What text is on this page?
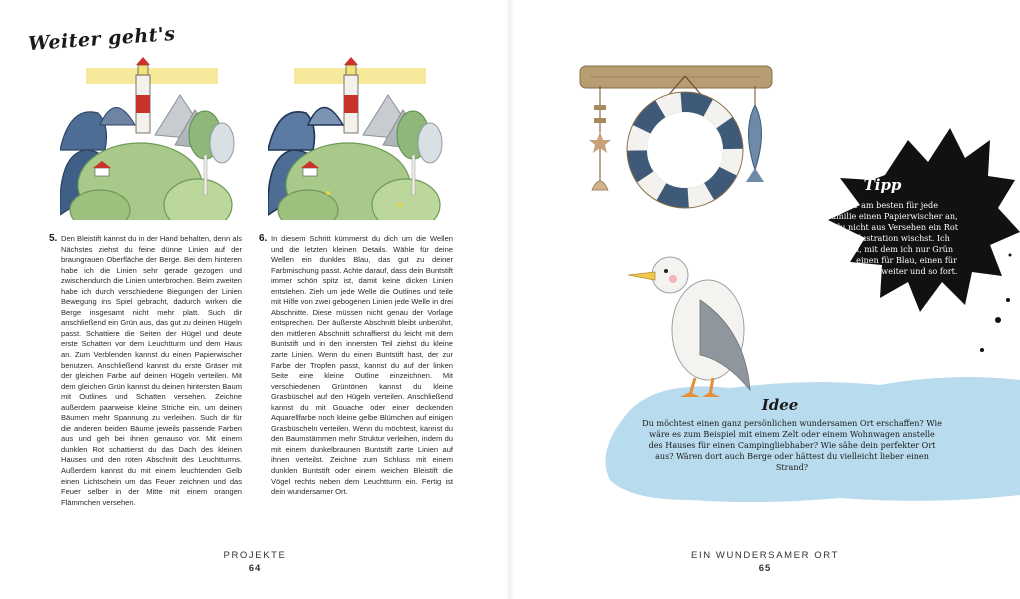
Weiter geht's
5. Den Bleistift kannst du in der Hand behalten, denn als Nächstes ziehst du feine dünne Linien auf der braungrauen Oberfläche der Berge. Bei dem hinteren habe ich die Linien sehr gerade gezogen und zwischendurch die Linien unterbrochen. Beim zweiten habe ich durch verschiedene Biegungen der Linien Bewegung ins Spiel gebracht, dadurch wirken die Berge insgesamt nicht mehr platt. Such dir anschließend ein Grün aus, das gut zu deinen Hügeln passt. Schattiere die Seiten der Hügel und deute erste Schatten vor dem Leuchtturm und dem Haus an. Zum Verblenden kannst du einen Papierwischer benutzen. Anschließend kannst du erste Gräser mit der gleichen Farbe auf deinen Hügeln verteilen. Mit dem gleichen Grün kannst du deinen hintersten Baum mit Outlines und Schatten versehen. Zeichne außerdem paarweise kleine Striche ein, um deinen Bäumen mehr Spannung zu verleihen. Such dir für die anderen beiden Bäume jeweils passende Farben aus und geh bei ihnen genauso vor. Mit einem dunklen Rot schattierst du das Dach des kleinen Hauses und den roten Abschnitt des Leuchtturms. Außerdem kannst du mit einem leuchtenden Gelb einen Lichtschein um das Feuer zeichnen und das Feuer selber in der Mitte mit einem orangen Flämmchen versehen.

6. In diesem Schritt kümmerst du dich um die Wellen und die letzten kleinen Details. Wähle für deine Wellen ein dunkles Blau, das gut zu deiner Farbmischung passt. Achte darauf, dass dein Buntstift immer schön spitz ist, damit keine dicken Linien entstehen. Zieh um jede Welle die Outlines und teile mit Hilfe von zwei gebogenen Linien jede Welle in drei Abschnitte. Diese müssen nicht genau der Vorlage entsprechen. Der äußerste Abschnitt bleibt unberührt, den mittleren Abschnitt schraffierst du leicht mit dem Buntstift und in den innersten Teil ziehst du kleine zarte Linien. Wenn du einen Buntstift hast, der zur Farbe der Tropfen passt, kannst du auf der linken Seite eine kleine Outline einzeichnen. Mit verschiedenen Grüntönen kannst du kleine Grasbüschel auf den Hügeln verteilen. Anschließend kannst du mit Gouache oder einer deckenden Aquarellfarbe noch kleine gelbe Blümchen auf einigen Grasbüscheln verteilen. Wenn du möchtest, kannst du den Baumstämmen mehr Struktur verleihen, indem du mit einem dunkelbraunen Buntstift zarte Linien auf ihnen verteilst. Zeichne zum Schluss mit einem dunklen Buntstift oder einem weichen Bleistift die Vögel rechts neben dem Leuchtturm ein. Fertig ist dein wundersamer Ort.

PROJEKTE
64
Tipp
Leg dir am besten für jede Farbfamilie einen Papierwischer an, damit du nicht aus Versehen ein Rot in deine Illustration wischst. Ich habe einen, mit dem ich nur Grün verblende, einen für Blau, einen für rote Töne und so weiter und so fort.
Idee
Du möchtest einen ganz persönlichen wundersamen Ort erschaffen? Wie wäre es zum Beispiel mit einem Zelt oder einem Wohnwagen anstelle des Hauses für einen Campingliebhaber? Wie sähe dein perfekter Ort aus? Wären dort auch Berge oder hättest du vielleicht lieber einen Strand?
EIN WUNDERSAMER ORT
65
